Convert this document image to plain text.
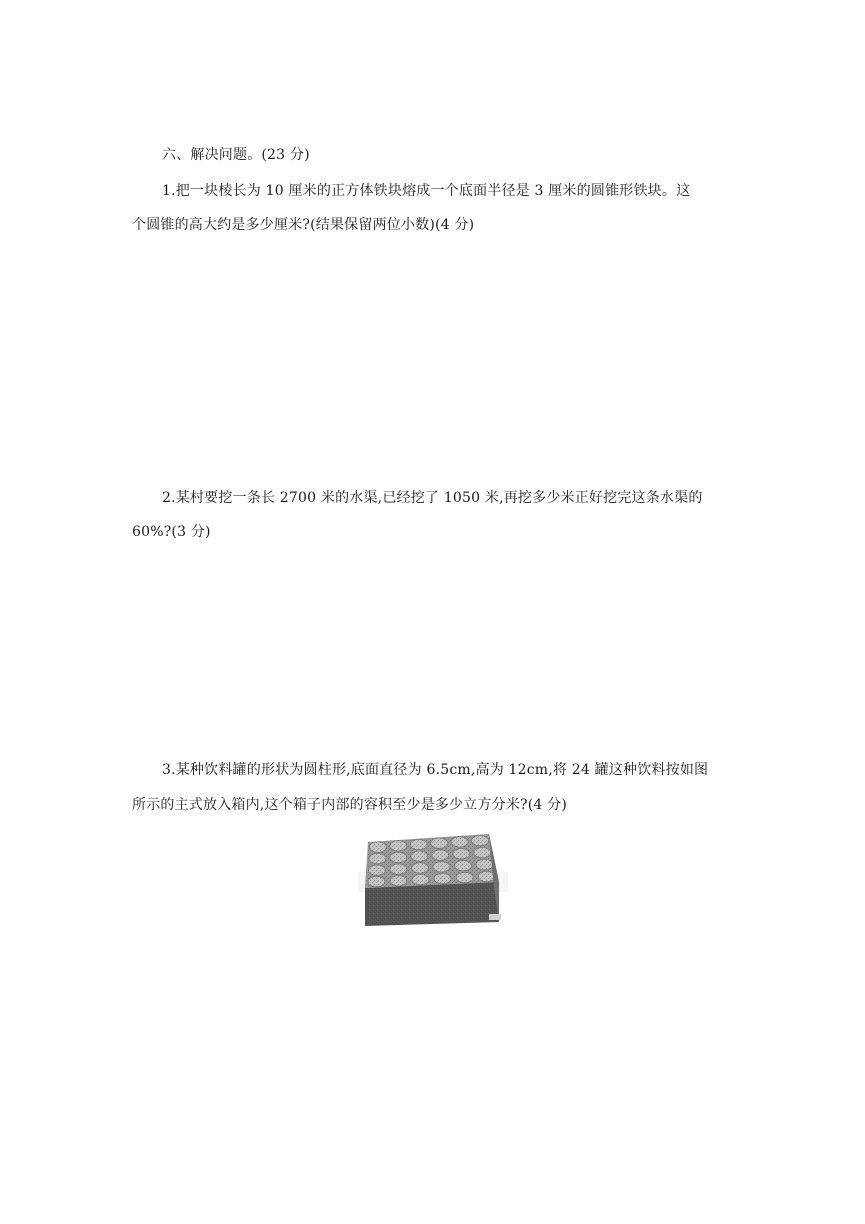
六、解决问题。(23 分)
1.把一块棱长为 10 厘米的正方体铁块熔成一个底面半径是 3 厘米的圆锥形铁块。这
个圆锥的高大约是多少厘米?(结果保留两位小数)(4 分)
2.某村要挖一条长 2700 米的水渠,已经挖了 1050 米,再挖多少米正好挖完这条水渠的
60%?(3 分)
3.某种饮料罐的形状为圆柱形,底面直径为 6.5cm,高为 12cm,将 24 罐这种饮料按如图
所示的主式放入箱内,这个箱子内部的容积至少是多少立方分米?(4 分)
